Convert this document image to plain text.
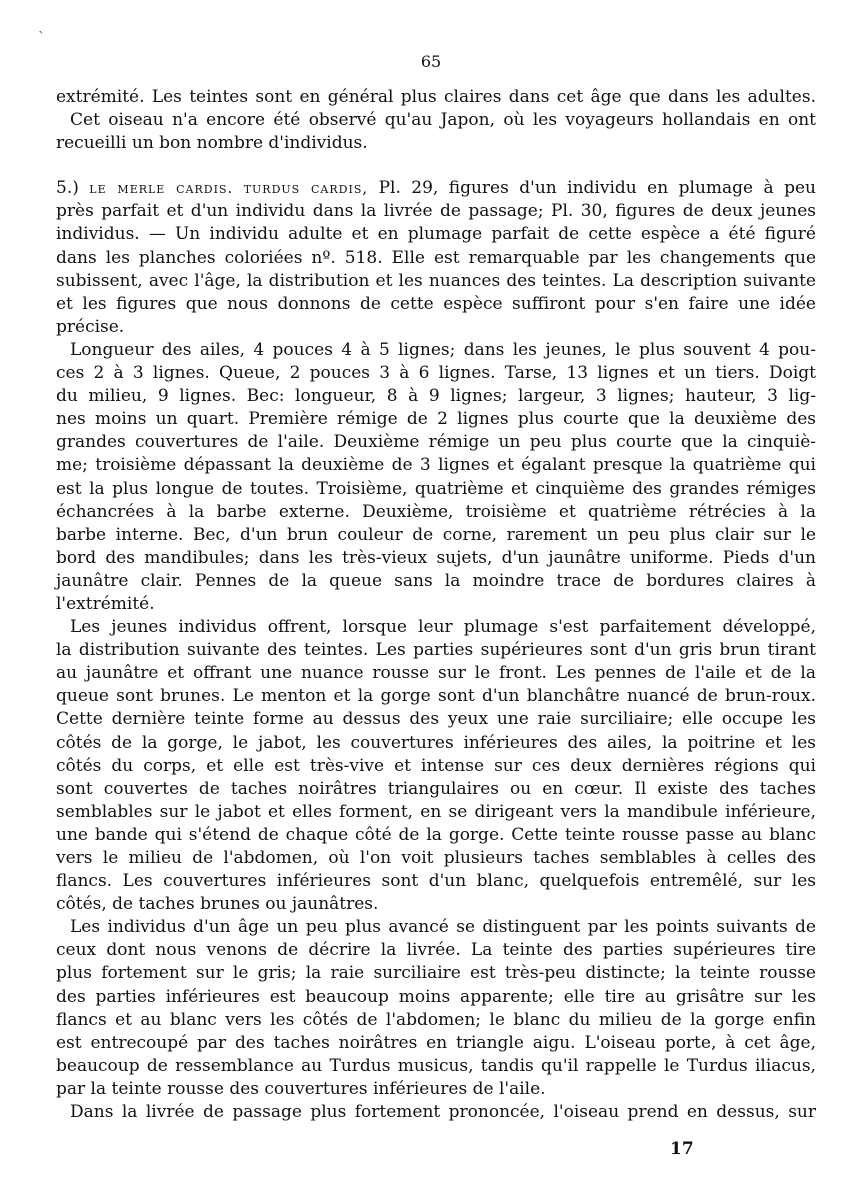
`
65
extrémité. Les teintes sont en général plus claires dans cet âge que dans les adultes.
Cet oiseau n'a encore été observé qu'au Japon, où les voyageurs hollandais en ont
recueilli un bon nombre d'individus.
5.) le merle cardis. turdus cardis, Pl. 29, figures d'un individu en plumage à peu
près parfait et d'un individu dans la livrée de passage; Pl. 30, figures de deux jeunes
individus. — Un individu adulte et en plumage parfait de cette espèce a été figuré
dans les planches coloriées nº. 518. Elle est remarquable par les changements que
subissent, avec l'âge, la distribution et les nuances des teintes. La description suivante
et les figures que nous donnons de cette espèce suffiront pour s'en faire une idée
précise.
Longueur des ailes, 4 pouces 4 à 5 lignes; dans les jeunes, le plus souvent 4 pou-
ces 2 à 3 lignes. Queue, 2 pouces 3 à 6 lignes. Tarse, 13 lignes et un tiers. Doigt
du milieu, 9 lignes. Bec: longueur, 8 à 9 lignes; largeur, 3 lignes; hauteur, 3 lig-
nes moins un quart. Première rémige de 2 lignes plus courte que la deuxième des
grandes couvertures de l'aile. Deuxième rémige un peu plus courte que la cinquiè-
me; troisième dépassant la deuxième de 3 lignes et égalant presque la quatrième qui
est la plus longue de toutes. Troisième, quatrième et cinquième des grandes rémiges
échancrées à la barbe externe. Deuxième, troisième et quatrième rétrécies à la
barbe interne. Bec, d'un brun couleur de corne, rarement un peu plus clair sur le
bord des mandibules; dans les très-vieux sujets, d'un jaunâtre uniforme. Pieds d'un
jaunâtre clair. Pennes de la queue sans la moindre trace de bordures claires à
l'extrémité.
Les jeunes individus offrent, lorsque leur plumage s'est parfaitement développé,
la distribution suivante des teintes. Les parties supérieures sont d'un gris brun tirant
au jaunâtre et offrant une nuance rousse sur le front. Les pennes de l'aile et de la
queue sont brunes. Le menton et la gorge sont d'un blanchâtre nuancé de brun-roux.
Cette dernière teinte forme au dessus des yeux une raie surciliaire; elle occupe les
côtés de la gorge, le jabot, les couvertures inférieures des ailes, la poitrine et les
côtés du corps, et elle est très-vive et intense sur ces deux dernières régions qui
sont couvertes de taches noirâtres triangulaires ou en cœur. Il existe des taches
semblables sur le jabot et elles forment, en se dirigeant vers la mandibule inférieure,
une bande qui s'étend de chaque côté de la gorge. Cette teinte rousse passe au blanc
vers le milieu de l'abdomen, où l'on voit plusieurs taches semblables à celles des
flancs. Les couvertures inférieures sont d'un blanc, quelquefois entremêlé, sur les
côtés, de taches brunes ou jaunâtres.
Les individus d'un âge un peu plus avancé se distinguent par les points suivants de
ceux dont nous venons de décrire la livrée. La teinte des parties supérieures tire
plus fortement sur le gris; la raie surciliaire est très-peu distincte; la teinte rousse
des parties inférieures est beaucoup moins apparente; elle tire au grisâtre sur les
flancs et au blanc vers les côtés de l'abdomen; le blanc du milieu de la gorge enfin
est entrecoupé par des taches noirâtres en triangle aigu. L'oiseau porte, à cet âge,
beaucoup de ressemblance au Turdus musicus, tandis qu'il rappelle le Turdus iliacus,
par la teinte rousse des couvertures inférieures de l'aile.
Dans la livrée de passage plus fortement prononcée, l'oiseau prend en dessus, sur
17
